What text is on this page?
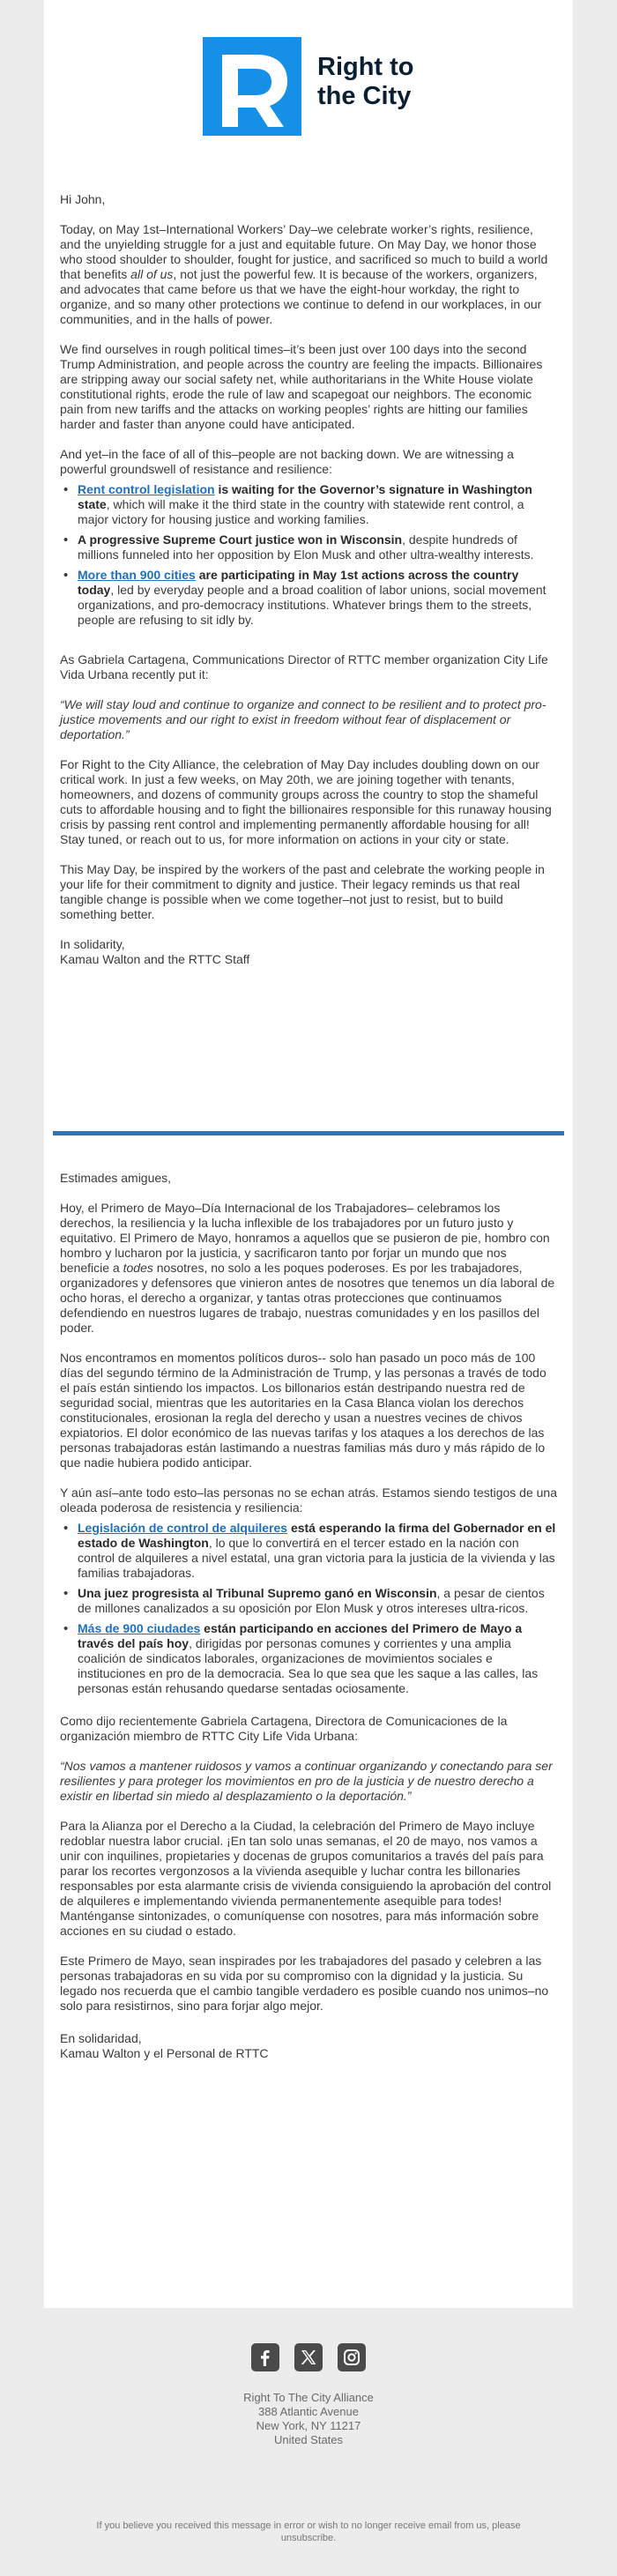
Right to
the City

Hi John,

Today, on May 1st–International Workers’ Day–we celebrate worker’s rights, resilience, and the unyielding struggle for a just and equitable future. On May Day, we honor those who stood shoulder to shoulder, fought for justice, and sacrificed so much to build a world that benefits all of us, not just the powerful few. It is because of the workers, organizers, and advocates that came before us that we have the eight-hour workday, the right to organize, and so many other protections we continue to defend in our workplaces, in our communities, and in the halls of power.

We find ourselves in rough political times–it’s been just over 100 days into the second Trump Administration, and people across the country are feeling the impacts. Billionaires are stripping away our social safety net, while authoritarians in the White House violate constitutional rights, erode the rule of law and scapegoat our neighbors. The economic pain from new tariffs and the attacks on working peoples’ rights are hitting our families harder and faster than anyone could have anticipated.

And yet–in the face of all of this–people are not backing down. We are witnessing a powerful groundswell of resistance and resilience:

• Rent control legislation is waiting for the Governor’s signature in Washington state, which will make it the third state in the country with statewide rent control, a major victory for housing justice and working families.
• A progressive Supreme Court justice won in Wisconsin, despite hundreds of millions funneled into her opposition by Elon Musk and other ultra-wealthy interests.
• More than 900 cities are participating in May 1st actions across the country today, led by everyday people and a broad coalition of labor unions, social movement organizations, and pro-democracy institutions. Whatever brings them to the streets, people are refusing to sit idly by.

As Gabriela Cartagena, Communications Director of RTTC member organization City Life Vida Urbana recently put it:

“We will stay loud and continue to organize and connect to be resilient and to protect pro-justice movements and our right to exist in freedom without fear of displacement or deportation.”

For Right to the City Alliance, the celebration of May Day includes doubling down on our critical work. In just a few weeks, on May 20th, we are joining together with tenants, homeowners, and dozens of community groups across the country to stop the shameful cuts to affordable housing and to fight the billionaires responsible for this runaway housing crisis by passing rent control and implementing permanently affordable housing for all! Stay tuned, or reach out to us, for more information on actions in your city or state.

This May Day, be inspired by the workers of the past and celebrate the working people in your life for their commitment to dignity and justice. Their legacy reminds us that real tangible change is possible when we come together–not just to resist, but to build something better.

In solidarity,

Kamau Walton and the RTTC Staff

Estimades amigues,

Hoy, el Primero de Mayo–Día Internacional de los Trabajadores– celebramos los derechos, la resiliencia y la lucha inflexible de los trabajadores por un futuro justo y equitativo. El Primero de Mayo, honramos a aquellos que se pusieron de pie, hombro con hombro y lucharon por la justicia, y sacrificaron tanto por forjar un mundo que nos beneficie a todes nosotres, no solo a les poques poderoses. Es por les trabajadores, organizadores y defensores que vinieron antes de nosotres que tenemos un día laboral de ocho horas, el derecho a organizar, y tantas otras protecciones que continuamos defendiendo en nuestros lugares de trabajo, nuestras comunidades y en los pasillos del poder.

Nos encontramos en momentos políticos duros-- solo han pasado un poco más de 100 días del segundo término de la Administración de Trump, y las personas a través de todo el país están sintiendo los impactos. Los billonarios están destripando nuestra red de seguridad social, mientras que les autoritaries en la Casa Blanca violan los derechos constitucionales, erosionan la regla del derecho y usan a nuestres vecines de chivos expiatorios. El dolor económico de las nuevas tarifas y los ataques a los derechos de las personas trabajadoras están lastimando a nuestras familias más duro y más rápido de lo que nadie hubiera podido anticipar.

Y aún así–ante todo esto–las personas no se echan atrás. Estamos siendo testigos de una oleada poderosa de resistencia y resiliencia:

• Legislación de control de alquileres está esperando la firma del Gobernador en el estado de Washington, lo que lo convertirá en el tercer estado en la nación con control de alquileres a nivel estatal, una gran victoria para la justicia de la vivienda y las familias trabajadoras.
• Una juez progresista al Tribunal Supremo ganó en Wisconsin, a pesar de cientos de millones canalizados a su oposición por Elon Musk y otros intereses ultra-ricos.
• Más de 900 ciudades están participando en acciones del Primero de Mayo a través del país hoy, dirigidas por personas comunes y corrientes y una amplia coalición de sindicatos laborales, organizaciones de movimientos sociales e instituciones en pro de la democracia. Sea lo que sea que les saque a las calles, las personas están rehusando quedarse sentadas ociosamente.

Como dijo recientemente Gabriela Cartagena, Directora de Comunicaciones de la organización miembro de RTTC City Life Vida Urbana:

“Nos vamos a mantener ruidosos y vamos a continuar organizando y conectando para ser resilientes y para proteger los movimientos en pro de la justicia y de nuestro derecho a existir en libertad sin miedo al desplazamiento o la deportación.”

Para la Alianza por el Derecho a la Ciudad, la celebración del Primero de Mayo incluye redoblar nuestra labor crucial. ¡En tan solo unas semanas, el 20 de mayo, nos vamos a unir con inquilines, propietaries y docenas de grupos comunitarios a través del país para parar los recortes vergonzosos a la vivienda asequible y luchar contra les billonaries responsables por esta alarmante crisis de vivienda consiguiendo la aprobación del control de alquileres e implementando vivienda permanentemente asequible para todes! Manténganse sintonizades, o comuníquense con nosotres, para más información sobre acciones en su ciudad o estado.

Este Primero de Mayo, sean inspirades por les trabajadores del pasado y celebren a las personas trabajadoras en su vida por su compromiso con la dignidad y la justicia. Su legado nos recuerda que el cambio tangible verdadero es posible cuando nos unimos–no solo para resistirnos, sino para forjar algo mejor.

En solidaridad,

Kamau Walton y el Personal de RTTC

Right To The City Alliance
388 Atlantic Avenue
New York, NY 11217
United States
If you believe you received this message in error or wish to no longer receive email from us, please unsubscribe.
